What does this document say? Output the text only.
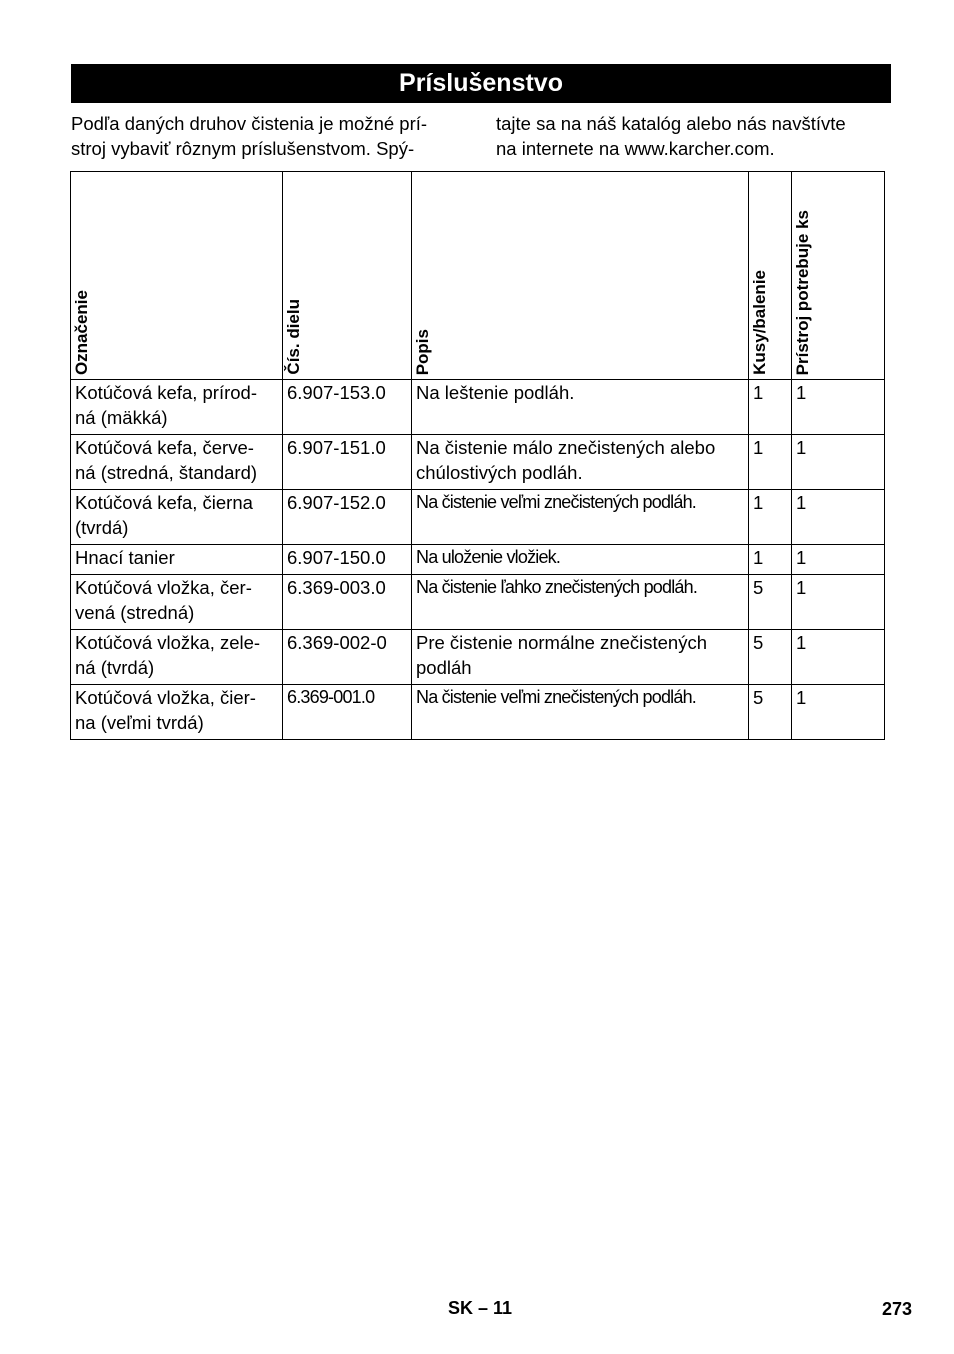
Príslušenstvo
Podľa daných druhov čistenia je možné prí-
stroj vybaviť rôznym príslušenstvom. Spý-
tajte sa na náš katalóg alebo nás navštívte
na internete na www.karcher.com.
Označenie	Čís. dielu	Popis	Kusy/balenie	Prístroj potrebuje ks

Kotúčová kefa, prírod-
ná (mäkká)	6.907-153.0	Na leštenie podláh.	1	1

Kotúčová kefa, červe-
ná (stredná, štandard)	6.907-151.0	Na čistenie málo znečistených alebo chúlostivých podláh.	1	1

Kotúčová kefa, čierna
(tvrdá)	6.907-152.0	Na čistenie veľmi znečistených podláh.	1	1

Hnací tanier	6.907-150.0	Na uloženie vložiek.	1	1

Kotúčová vložka, čer-
vená (stredná)	6.369-003.0	Na čistenie ľahko znečistených podláh.	5	1

Kotúčová vložka, zele-
ná (tvrdá)	6.369-002-0	Pre čistenie normálne znečistených podláh	5	1

Kotúčová vložka, čier-
na (veľmi tvrdá)	6.369-001.0	Na čistenie veľmi znečistených podláh.	5	1
SK – 11	273
